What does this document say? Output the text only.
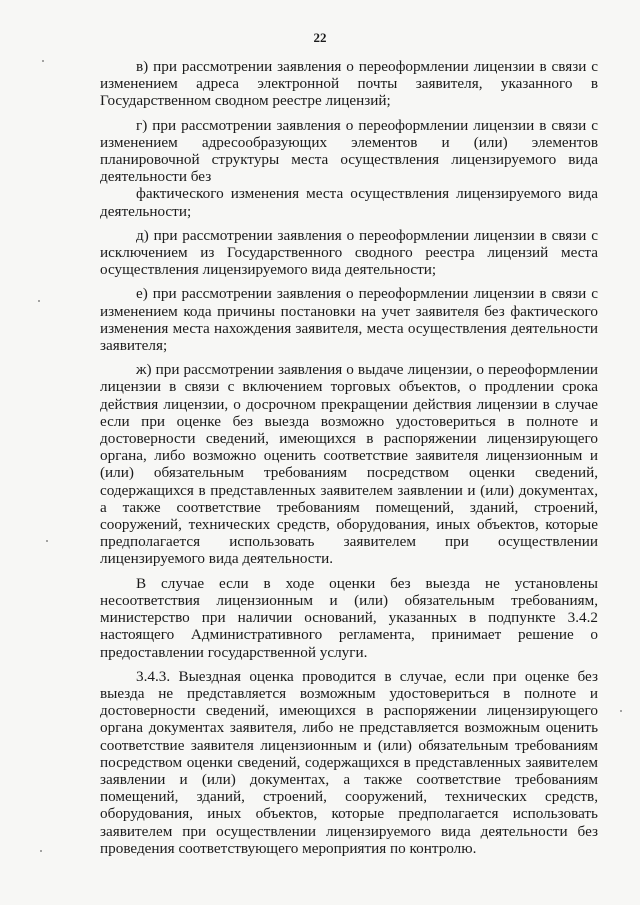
22

в) при рассмотрении заявления о переоформлении лицензии в связи с изменением адреса электронной почты заявителя, указанного в Государственном сводном реестре лицензий;

г) при рассмотрении заявления о переоформлении лицензии в связи с изменением адресообразующих элементов и (или) элементов планировочной структуры места осуществления лицензируемого вида деятельности без

фактического изменения места осуществления лицензируемого вида деятельности;

д) при рассмотрении заявления о переоформлении лицензии в связи с исключением из Государственного сводного реестра лицензий места осуществления лицензируемого вида деятельности;

е) при рассмотрении заявления о переоформлении лицензии в связи с изменением кода причины постановки на учет заявителя без фактического изменения места нахождения заявителя, места осуществления деятельности заявителя;

ж) при рассмотрении заявления о выдаче лицензии, о переоформлении лицензии в связи с включением торговых объектов, о продлении срока действия лицензии, о досрочном прекращении действия лицензии в случае если при оценке без выезда возможно удостовериться в полноте и достоверности сведений, имеющихся в распоряжении лицензирующего органа, либо возможно оценить соответствие заявителя лицензионным и (или) обязательным требованиям посредством оценки сведений, содержащихся в представленных заявителем заявлении и (или) документах, а также соответствие требованиям помещений, зданий, строений, сооружений, технических средств, оборудования, иных объектов, которые предполагается использовать заявителем при осуществлении лицензируемого вида деятельности.

В случае если в ходе оценки без выезда не установлены несоответствия лицензионным и (или) обязательным требованиям, министерство при наличии оснований, указанных в подпункте 3.4.2 настоящего Административного регламента, принимает решение о предоставлении государственной услуги.

3.4.3. Выездная оценка проводится в случае, если при оценке без выезда не представляется возможным удостовериться в полноте и достоверности сведений, имеющихся в распоряжении лицензирующего органа документах заявителя, либо не представляется возможным оценить соответствие заявителя лицензионным и (или) обязательным требованиям посредством оценки сведений, содержащихся в представленных заявителем заявлении и (или) документах, а также соответствие требованиям помещений, зданий, строений, сооружений, технических средств, оборудования, иных объектов, которые предполагается использовать заявителем при осуществлении лицензируемого вида деятельности без проведения соответствующего мероприятия по контролю.
